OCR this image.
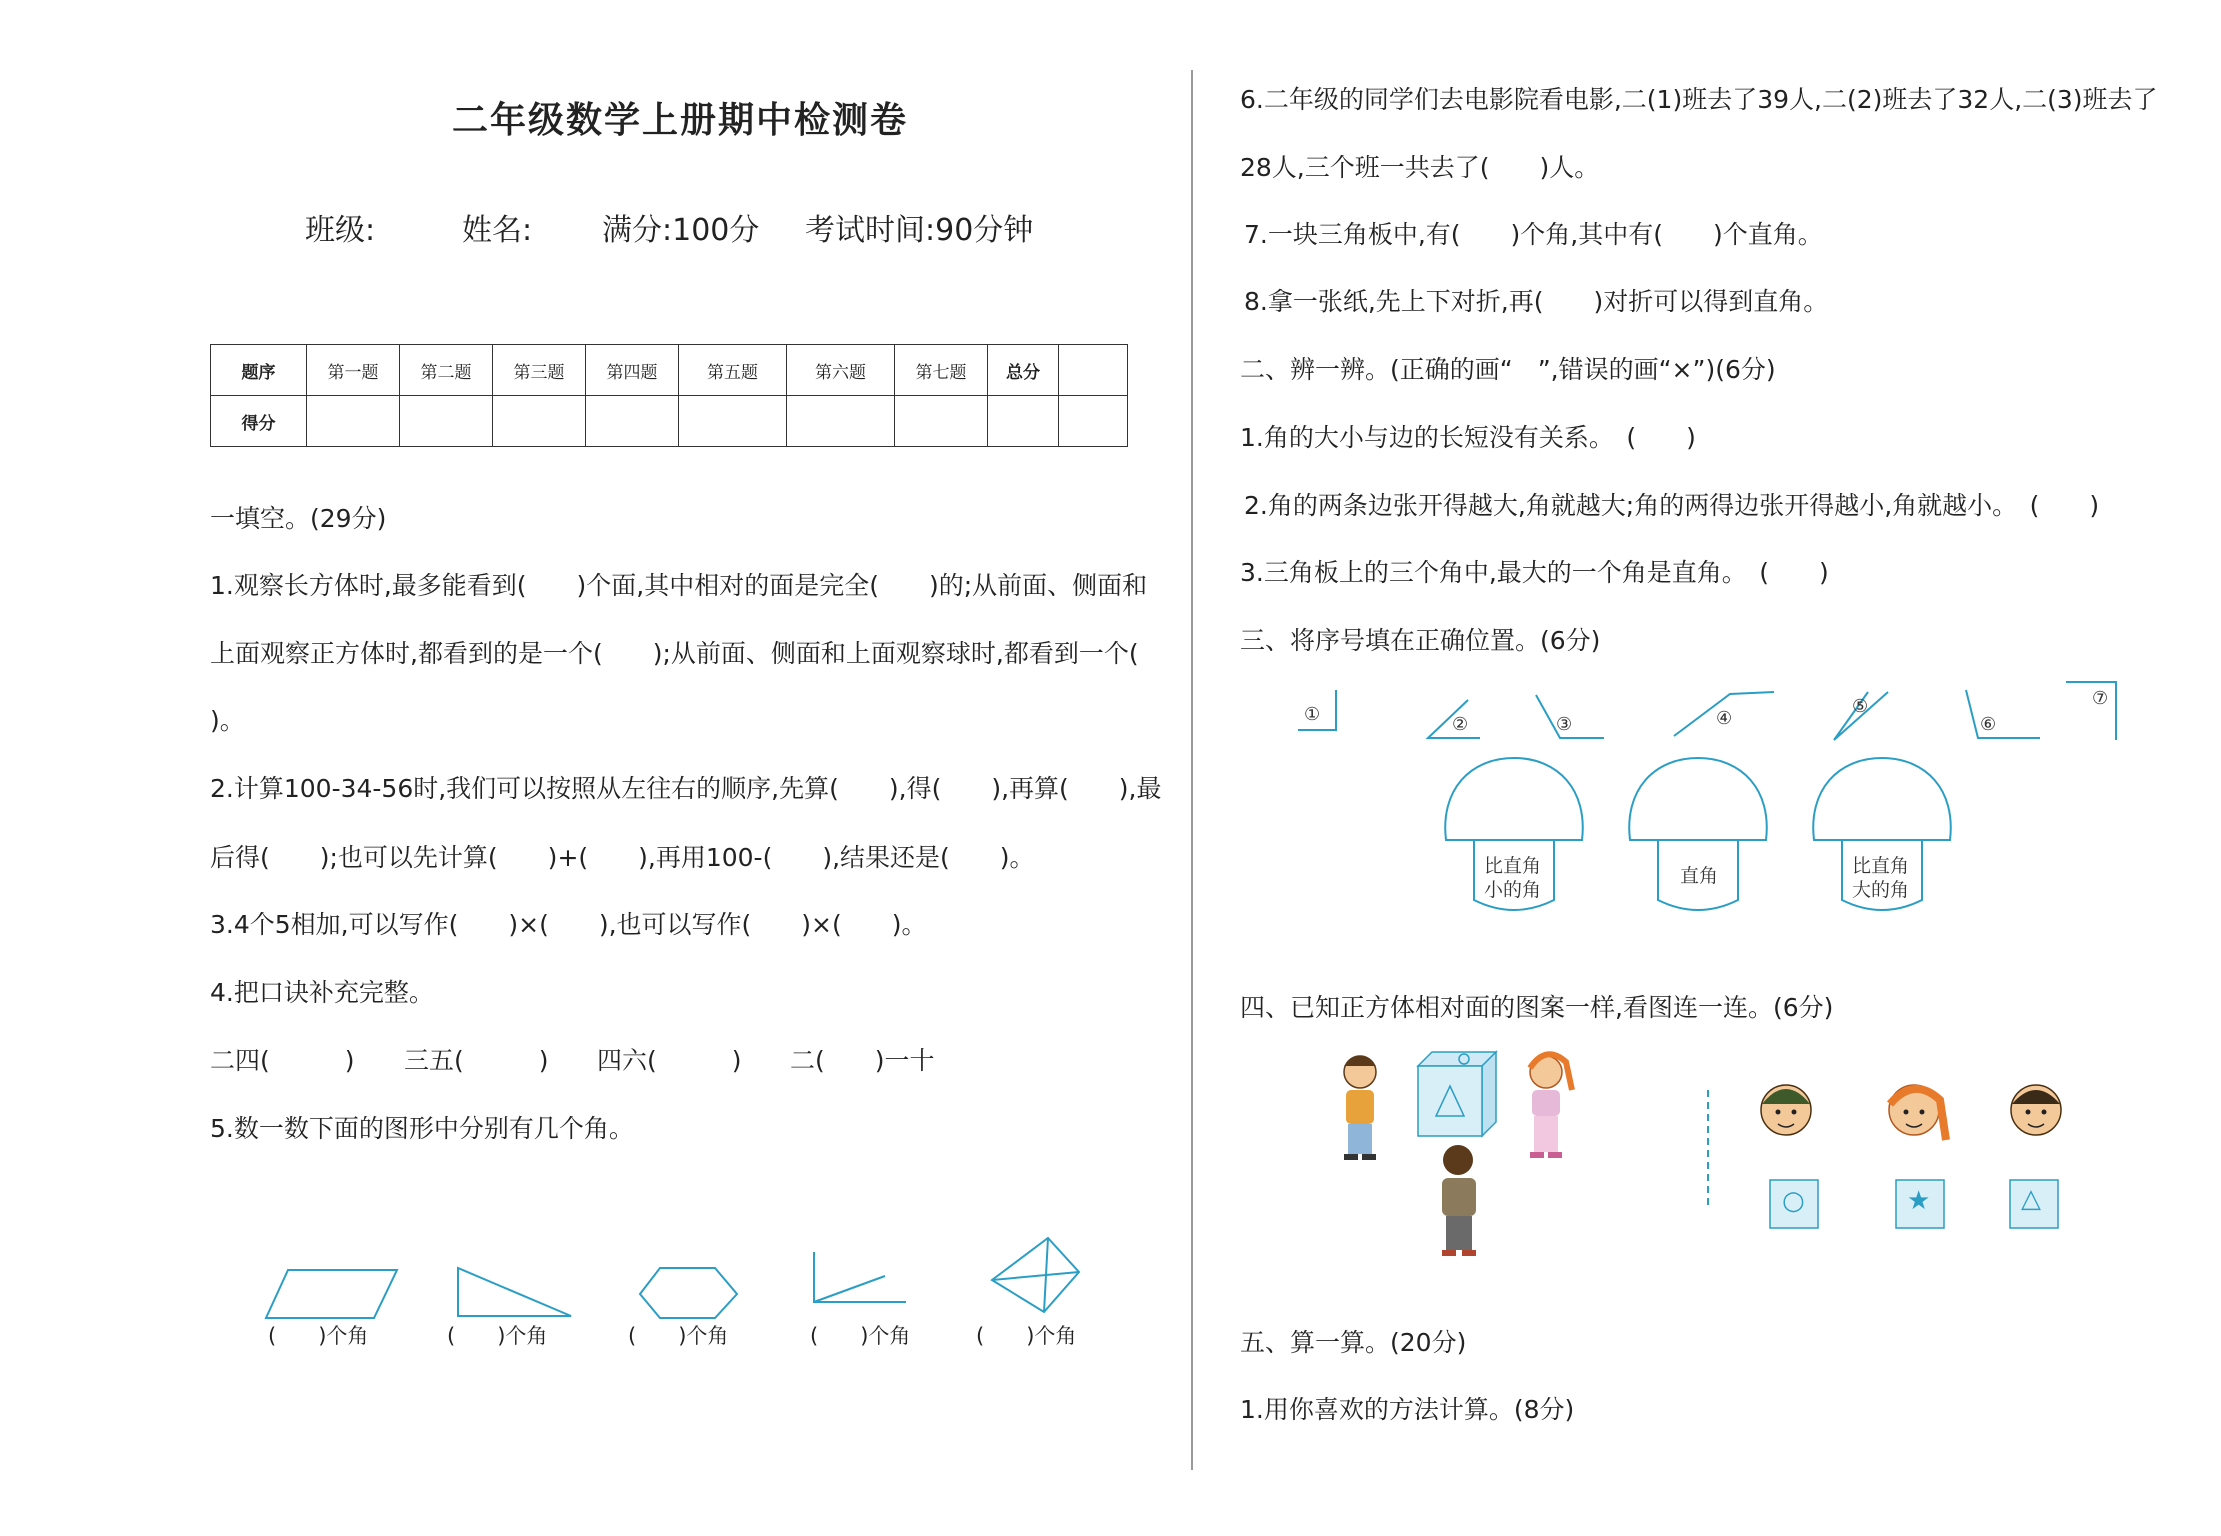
二年级数学上册期中检测卷
班级:	姓名: 满分:100分 考试时间:90分钟
题序	第一题	第二题	第三题	第四题	第五题	第六题	第七题	总分	
得分									
一填空。(29分)
1.观察长方体时,最多能看到(　　)个面,其中相对的面是完全(　　)的;从前面、侧面和
上面观察正方体时,都看到的是一个(　　);从前面、侧面和上面观察球时,都看到一个(
)。
2.计算100-34-56时,我们可以按照从左往右的顺序,先算(　　),得(　　),再算(　　),最
后得(　　);也可以先计算(　　)+(　　),再用100-(　　),结果还是(　　)。
3.4个5相加,可以写作(　　)×(　　),也可以写作(　　)×(　　)。
4.把口诀补充完整。
二四(　　　) 三五(　　　) 四六(　　　) 二(　　)一十
5.数一数下面的图形中分别有几个角。
(　　)个角	(　　)个角	(　　)个角	(　　)个角	(　　)个角
6.二年级的同学们去电影院看电影,二(1)班去了39人,二(2)班去了32人,二(3)班去了
28人,三个班一共去了(　　)人。
7.一块三角板中,有(　　)个角,其中有(　　)个直角。
8.拿一张纸,先上下对折,再(　　)对折可以得到直角。
二、辨一辨。(正确的画“　”,错误的画“×”)(6分)
1.角的大小与边的长短没有关系。　(　　)
2.角的两条边张开得越大,角就越大;角的两得边张开得越小,角就越小。　(　　)
3.三角板上的三个角中,最大的一个角是直角。　(　　)
三、将序号填在正确位置。(6分)
①	②	③	④
⑤
⑥
⑦
比直角
小的角
直角	比直角
大的角
四、已知正方体相对面的图案一样,看图连一连。(6分)
○	★	△
五、算一算。(20分)
1.用你喜欢的方法计算。(8分)
